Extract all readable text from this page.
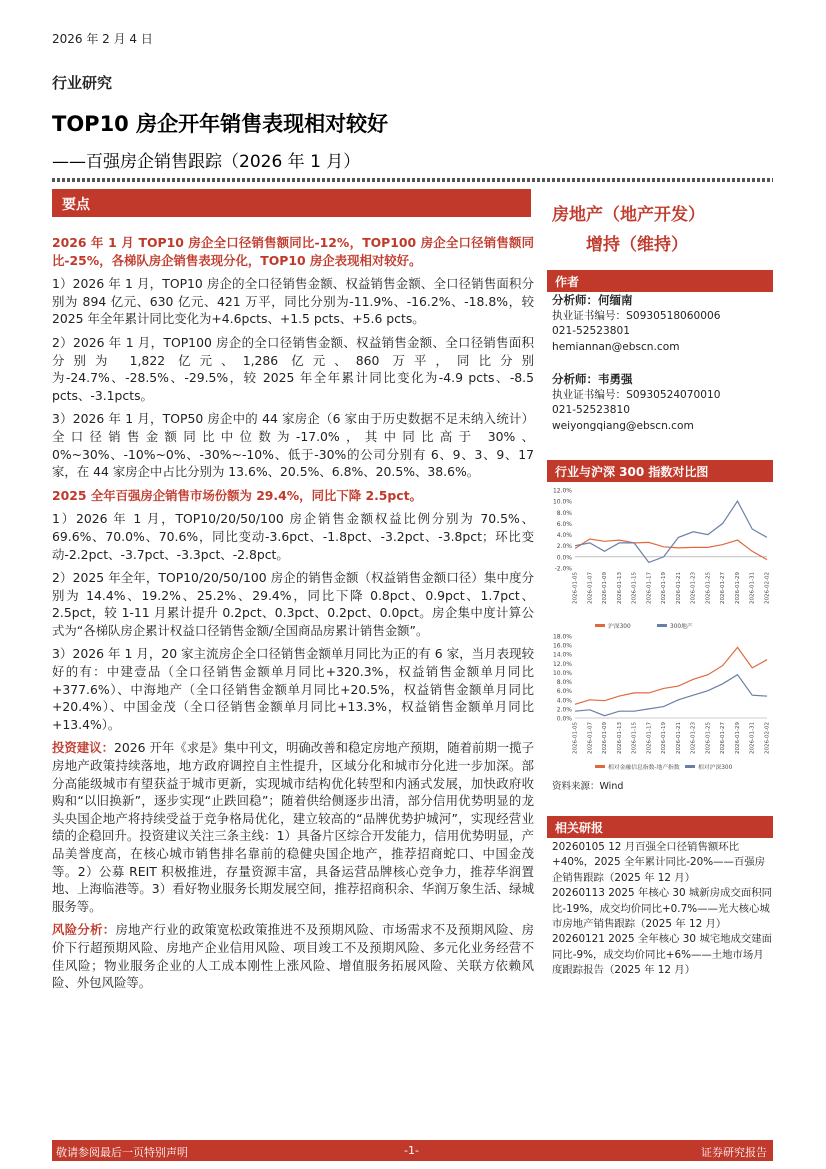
2026 年 2 月 4 日
行业研究
TOP10 房企开年销售表现相对较好
——百强房企销售跟踪（2026 年 1 月）
要点

2026 年 1 月 TOP10 房企全口径销售额同比-12%，TOP100 房企全口径销售额同比-25%，各梯队房企销售表现分化，TOP10 房企表现相对较好。

1）2026 年 1 月，TOP10 房企的全口径销售金额、权益销售金额、全口径销售面积分别为 894 亿元、630 亿元、421 万平，同比分别为-11.9%、-16.2%、-18.8%，较 2025 年全年累计同比变化为+4.6pcts、+1.5 pcts、+5.6 pcts。

2）2026 年 1 月，TOP100 房企的全口径销售金额、权益销售金额、全口径销售面积分别为 1,822 亿元、1,286 亿元、860 万平，同比分别为-24.7%、-28.5%、-29.5%，较 2025 年全年累计同比变化为-4.9 pcts、-8.5 pcts、-3.1pcts。

3）2026 年 1 月，TOP50 房企中的 44 家房企（6 家由于历史数据不足未纳入统计）全口径销售金额同比中位数为-17.0%，其中同比高于 30%、0%~30%、-10%~0%、-30%~-10%、低于-30%的公司分别有 6、9、3、9、17 家，在 44 家房企中占比分别为 13.6%、20.5%、6.8%、20.5%、38.6%。

2025 全年百强房企销售市场份额为 29.4%，同比下降 2.5pct。

1）2026 年 1 月，TOP10/20/50/100 房企销售金额权益比例分别为 70.5%、69.6%、70.0%、70.6%，同比变动-3.6pct、-1.8pct、-3.2pct、-3.8pct；环比变动-2.2pct、-3.7pct、-3.3pct、-2.8pct。

2）2025 年全年，TOP10/20/50/100 房企的销售金额（权益销售金额口径）集中度分别为 14.4%、19.2%、25.2%、29.4%，同比下降 0.8pct、0.9pct、1.7pct、2.5pct，较 1-11 月累计提升 0.2pct、0.3pct、0.2pct、0.0pct。房企集中度计算公式为“各梯队房企累计权益口径销售金额/全国商品房累计销售金额”。

3）2026 年 1 月，20 家主流房企全口径销售金额单月同比为正的有 6 家，当月表现较好的有：中建壹品（全口径销售金额单月同比+320.3%，权益销售金额单月同比+377.6%）、中海地产（全口径销售金额单月同比+20.5%，权益销售金额单月同比+20.4%）、中国金茂（全口径销售金额单月同比+13.3%，权益销售金额单月同比+13.4%）。

投资建议：2026 开年《求是》集中刊文，明确改善和稳定房地产预期，随着前期一揽子房地产政策持续落地，地方政府调控自主性提升，区域分化和城市分化进一步加深。部分高能级城市有望获益于城市更新，实现城市结构优化转型和内涵式发展，加快政府收购和“以旧换新”，逐步实现“止跌回稳”；随着供给侧逐步出清，部分信用优势明显的龙头央国企地产将持续受益于竞争格局优化，建立较高的“品牌优势护城河”，实现经营业绩的企稳回升。投资建议关注三条主线：1）具备片区综合开发能力，信用优势明显，产品美誉度高，在核心城市销售排名靠前的稳健央国企地产，推荐招商蛇口、中国金茂等。2）公募 REIT 积极推进，存量资源丰富，具备运营品牌核心竞争力，推荐华润置地、上海临港等。3）看好物业服务长期发展空间，推荐招商积余、华润万象生活、绿城服务等。

风险分析：房地产行业的政策宽松政策推进不及预期风险、市场需求不及预期风险、房价下行超预期风险、房地产企业信用风险、项目竣工不及预期风险、多元化业务经营不佳风险；物业服务企业的人工成本刚性上涨风险、增值服务拓展风险、关联方依赖风险、外包风险等。

房地产（地产开发）
增持（维持）
作者
分析师：何缅南
执业证书编号：S0930518060006
021-52523801
hemiannan@ebscn.com
分析师：韦勇强
执业证书编号：S0930524070010
021-52523810
weiyongqiang@ebscn.com
行业与沪深 300 指数对比图
12.0%
10.0%
8.0%
6.0%
4.0%
2.0%
0.0%
-2.0%
2026-01-05 2026-01-07 2026-01-09 2026-01-13 2026-01-15 2026-01-17 2026-01-19 2026-01-21 2026-01-23 2026-01-25 2026-01-27 2026-01-29 2026-01-31 2026-02-02
沪深300	300地产
18.0%
16.0%
14.0%
12.0%
10.0%
8.0%
6.0%
4.0%
2.0%
0.0%
2026-01-05 2026-01-07 2026-01-09 2026-01-13 2026-01-15 2026-01-17 2026-01-19 2026-01-21 2026-01-23 2026-01-25 2026-01-27 2026-01-29 2026-01-31 2026-02-02
相对金融信息指数-地产指数	相对沪深300
资料来源：Wind
相关研报

20260105 12 月百强全口径销售额环比+40%，2025 全年累计同比-20%——百强房企销售跟踪（2025 年 12 月）

20260113 2025 年核心 30 城新房成交面积同比-19%，成交均价同比+0.7%——光大核心城市房地产销售跟踪（2025 年 12 月）

20260121 2025 全年核心 30 城宅地成交建面同比-9%，成交均价同比+6%——土地市场月度跟踪报告（2025 年 12 月）

敬请参阅最后一页特别声明	-1-	证券研究报告
